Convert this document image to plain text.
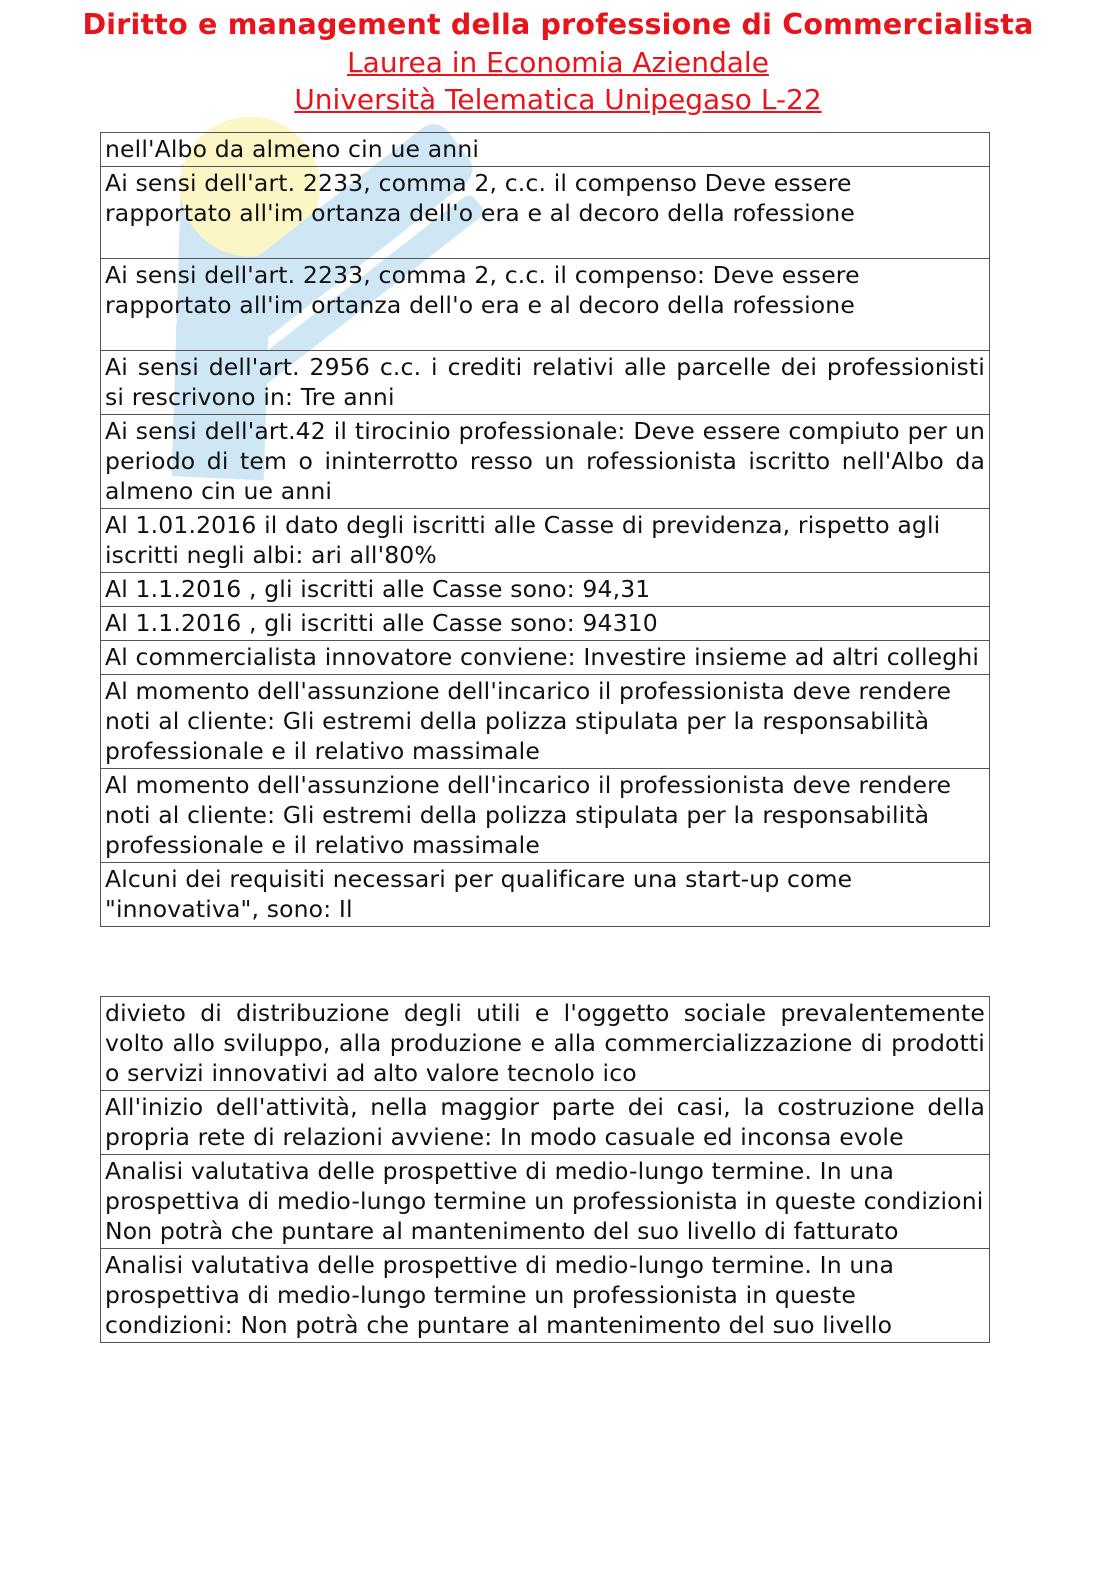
Diritto e management della professione di Commercialista
Laurea in Economia Aziendale
Università Telematica Unipegaso L-22
nell'Albo da almeno cin ue anni
Ai sensi dell'art. 2233, comma 2, c.c. il compenso Deve essere rapportato all'im ortanza dell'o era e al decoro della rofessione
Ai sensi dell'art. 2233, comma 2, c.c. il compenso: Deve essere rapportato all'im ortanza dell'o era e al decoro della rofessione
Ai sensi dell'art. 2956 c.c. i crediti relativi alle parcelle dei professionisti si rescrivono in: Tre anni
Ai sensi dell'art.42 il tirocinio professionale: Deve essere compiuto per un periodo di tem o ininterrotto resso un rofessionista iscritto nell'Albo da almeno cin ue anni
Al 1.01.2016 il dato degli iscritti alle Casse di previdenza, rispetto agli iscritti negli albi: ari all'80%
Al 1.1.2016 , gli iscritti alle Casse sono: 94,31
Al 1.1.2016 , gli iscritti alle Casse sono: 94310
Al commercialista innovatore conviene: Investire insieme ad altri colleghi
Al momento dell'assunzione dell'incarico il professionista deve rendere noti al cliente: Gli estremi della polizza stipulata per la responsabilità professionale e il relativo massimale
Al momento dell'assunzione dell'incarico il professionista deve rendere noti al cliente: Gli estremi della polizza stipulata per la responsabilità professionale e il relativo massimale
Alcuni dei requisiti necessari per qualificare una start-up come "innovativa", sono: Il
divieto di distribuzione degli utili e l'oggetto sociale prevalentemente volto allo sviluppo, alla produzione e alla commercializzazione di prodotti o servizi innovativi ad alto valore tecnolo ico
All'inizio dell'attività, nella maggior parte dei casi, la costruzione della propria rete di relazioni avviene: In modo casuale ed inconsa evole
Analisi valutativa delle prospettive di medio-lungo termine. In una prospettiva di medio-lungo termine un professionista in queste condizioni Non potrà che puntare al mantenimento del suo livello di fatturato
Analisi valutativa delle prospettive di medio-lungo termine. In una prospettiva di medio-lungo termine un professionista in queste condizioni: Non potrà che puntare al mantenimento del suo livello
